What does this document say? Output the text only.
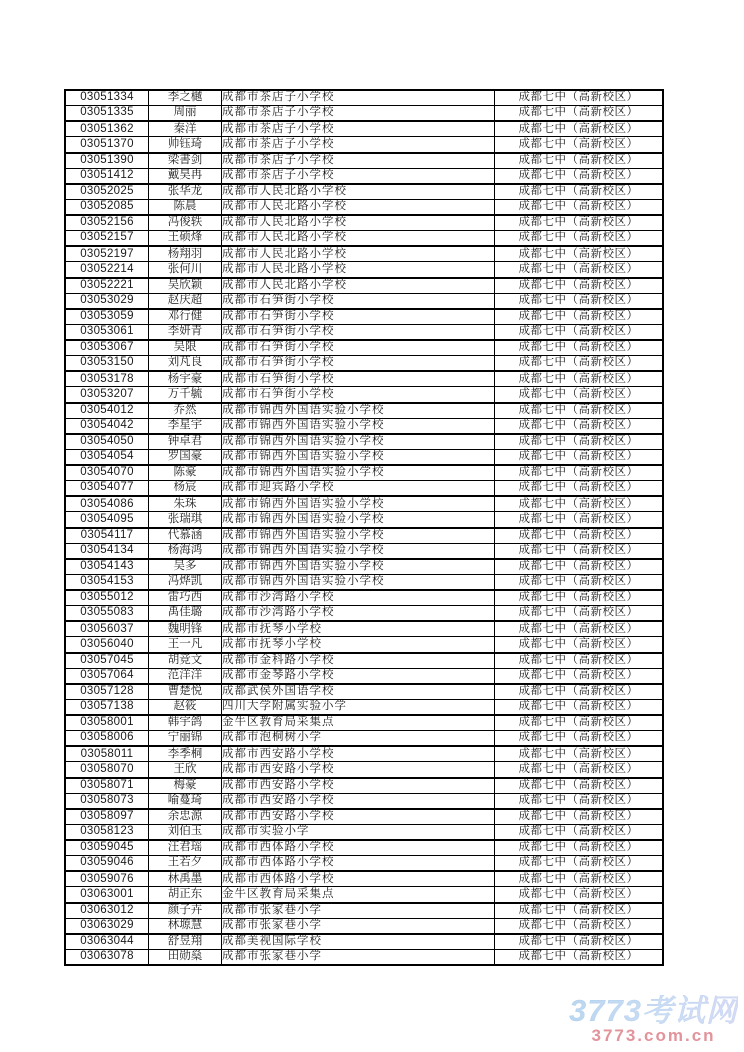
03051334	李之樾	成都市茶店子小学校	成都七中（高新校区）
03051335	周丽	成都市茶店子小学校	成都七中（高新校区）
03051362	秦洋	成都市茶店子小学校	成都七中（高新校区）
03051370	帅钰琦	成都市茶店子小学校	成都七中（高新校区）
03051390	梁書剑	成都市茶店子小学校	成都七中（高新校区）
03051412	戴昊冉	成都市茶店子小学校	成都七中（高新校区）
03052025	张华龙	成都市人民北路小学校	成都七中（高新校区）
03052085	陈晨	成都市人民北路小学校	成都七中（高新校区）
03052156	冯俊轶	成都市人民北路小学校	成都七中（高新校区）
03052157	王硕烽	成都市人民北路小学校	成都七中（高新校区）
03052197	杨翔羽	成都市人民北路小学校	成都七中（高新校区）
03052214	张何川	成都市人民北路小学校	成都七中（高新校区）
03052221	吴欣颖	成都市人民北路小学校	成都七中（高新校区）
03053029	赵庆超	成都市石笋街小学校	成都七中（高新校区）
03053059	邓行健	成都市石笋街小学校	成都七中（高新校区）
03053061	李妍青	成都市石笋街小学校	成都七中（高新校区）
03053067	吴限	成都市石笋街小学校	成都七中（高新校区）
03053150	刘芃良	成都市石笋街小学校	成都七中（高新校区）
03053178	杨宇豪	成都市石笋街小学校	成都七中（高新校区）
03053207	万千毓	成都市石笋街小学校	成都七中（高新校区）
03054012	乔然	成都市锦西外国语实验小学校	成都七中（高新校区）
03054042	李星宇	成都市锦西外国语实验小学校	成都七中（高新校区）
03054050	钟卓君	成都市锦西外国语实验小学校	成都七中（高新校区）
03054054	罗国豪	成都市锦西外国语实验小学校	成都七中（高新校区）
03054070	陈豪	成都市锦西外国语实验小学校	成都七中（高新校区）
03054077	杨宸	成都市迎宾路小学校	成都七中（高新校区）
03054086	朱珠	成都市锦西外国语实验小学校	成都七中（高新校区）
03054095	张瑞琪	成都市锦西外国语实验小学校	成都七中（高新校区）
03054117	代慕涵	成都市锦西外国语实验小学校	成都七中（高新校区）
03054134	杨海鸿	成都市锦西外国语实验小学校	成都七中（高新校区）
03054143	吴多	成都市锦西外国语实验小学校	成都七中（高新校区）
03054153	冯烨凯	成都市锦西外国语实验小学校	成都七中（高新校区）
03055012	雷巧西	成都市沙湾路小学校	成都七中（高新校区）
03055083	禹佳璐	成都市沙湾路小学校	成都七中（高新校区）
03056037	魏明锋	成都市抚琴小学校	成都七中（高新校区）
03056040	王一凡	成都市抚琴小学校	成都七中（高新校区）
03057045	胡竞文	成都市金科路小学校	成都七中（高新校区）
03057064	范洋洋	成都市金琴路小学校	成都七中（高新校区）
03057128	曹楚悦	成都武侯外国语学校	成都七中（高新校区）
03057138	赵筱	四川大学附属实验小学	成都七中（高新校区）
03058001	韩宇鸽	金牛区教育局采集点	成都七中（高新校区）
03058006	宁丽锦	成都市泡桐树小学	成都七中（高新校区）
03058011	李季桐	成都市西安路小学校	成都七中（高新校区）
03058070	王欣	成都市西安路小学校	成都七中（高新校区）
03058071	梅豪	成都市西安路小学校	成都七中（高新校区）
03058073	喻蔓琦	成都市西安路小学校	成都七中（高新校区）
03058097	余忠源	成都市西安路小学校	成都七中（高新校区）
03058123	刘伯玉	成都市实验小学	成都七中（高新校区）
03059045	汪君瑶	成都市西体路小学校	成都七中（高新校区）
03059046	王若夕	成都市西体路小学校	成都七中（高新校区）
03059076	林禹墨	成都市西体路小学校	成都七中（高新校区）
03063001	胡正东	金牛区教育局采集点	成都七中（高新校区）
03063012	颜子卉	成都市张家巷小学	成都七中（高新校区）
03063029	林塬慧	成都市张家巷小学	成都七中（高新校区）
03063044	舒昱翔	成都美视国际学校	成都七中（高新校区）
03063078	田勋燊	成都市张家巷小学	成都七中（高新校区）
3773考试网
3773.com.cn
